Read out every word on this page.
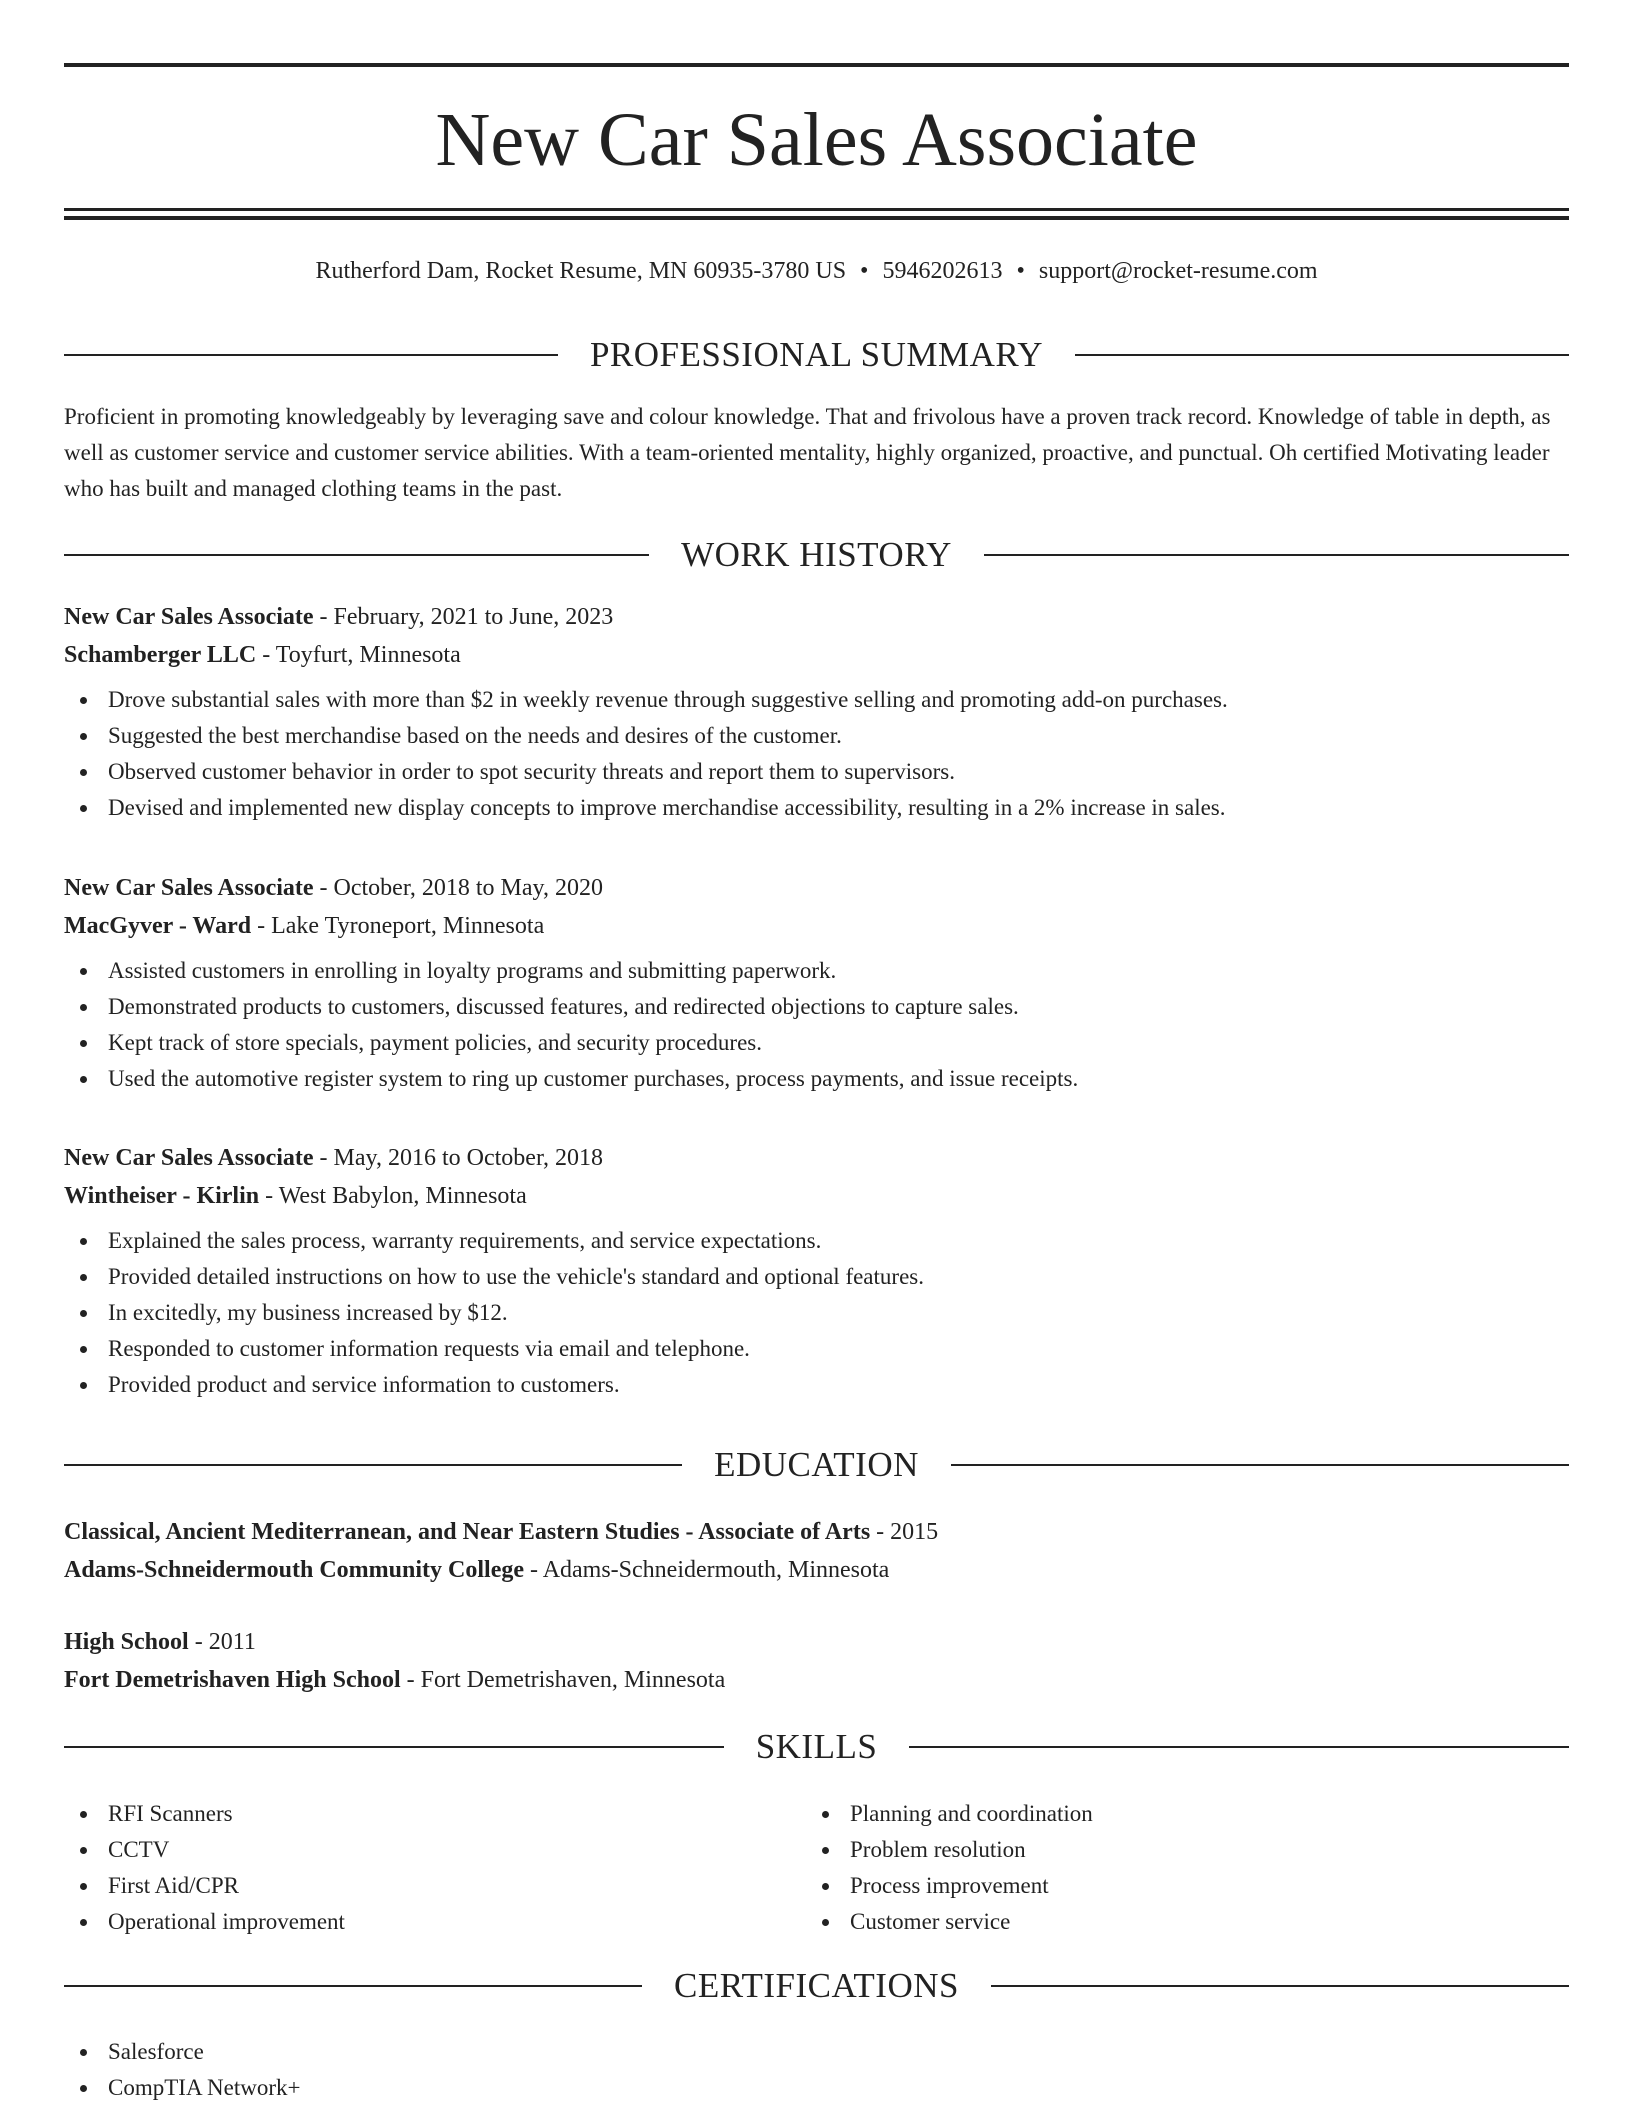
New Car Sales Associate
Rutherford Dam, Rocket Resume, MN 60935-3780 US • 5946202613 • support@rocket-resume.com
PROFESSIONAL SUMMARY

Proficient in promoting knowledgeably by leveraging save and colour knowledge. That and frivolous have a proven track record. Knowledge of table in depth, as well as customer service and customer service abilities. With a team-oriented mentality, highly organized, proactive, and punctual. Oh certified Motivating leader who has built and managed clothing teams in the past.

WORK HISTORY
New Car Sales Associate - February, 2021 to June, 2023
Schamberger LLC - Toyfurt, Minnesota
Drove substantial sales with more than $2 in weekly revenue through suggestive selling and promoting add-on purchases.
Suggested the best merchandise based on the needs and desires of the customer.
Observed customer behavior in order to spot security threats and report them to supervisors.
Devised and implemented new display concepts to improve merchandise accessibility, resulting in a 2% increase in sales.
New Car Sales Associate - October, 2018 to May, 2020
MacGyver - Ward - Lake Tyroneport, Minnesota
Assisted customers in enrolling in loyalty programs and submitting paperwork.
Demonstrated products to customers, discussed features, and redirected objections to capture sales.
Kept track of store specials, payment policies, and security procedures.
Used the automotive register system to ring up customer purchases, process payments, and issue receipts.
New Car Sales Associate - May, 2016 to October, 2018
Wintheiser - Kirlin - West Babylon, Minnesota
Explained the sales process, warranty requirements, and service expectations.
Provided detailed instructions on how to use the vehicle's standard and optional features.
In excitedly, my business increased by $12.
Responded to customer information requests via email and telephone.
Provided product and service information to customers.
EDUCATION
Classical, Ancient Mediterranean, and Near Eastern Studies - Associate of Arts - 2015
Adams-Schneidermouth Community College - Adams-Schneidermouth, Minnesota
High School - 2011
Fort Demetrishaven High School - Fort Demetrishaven, Minnesota
SKILLS
RFI Scanners
CCTV
First Aid/CPR
Operational improvement
Planning and coordination
Problem resolution
Process improvement
Customer service
CERTIFICATIONS
Salesforce
CompTIA Network+
